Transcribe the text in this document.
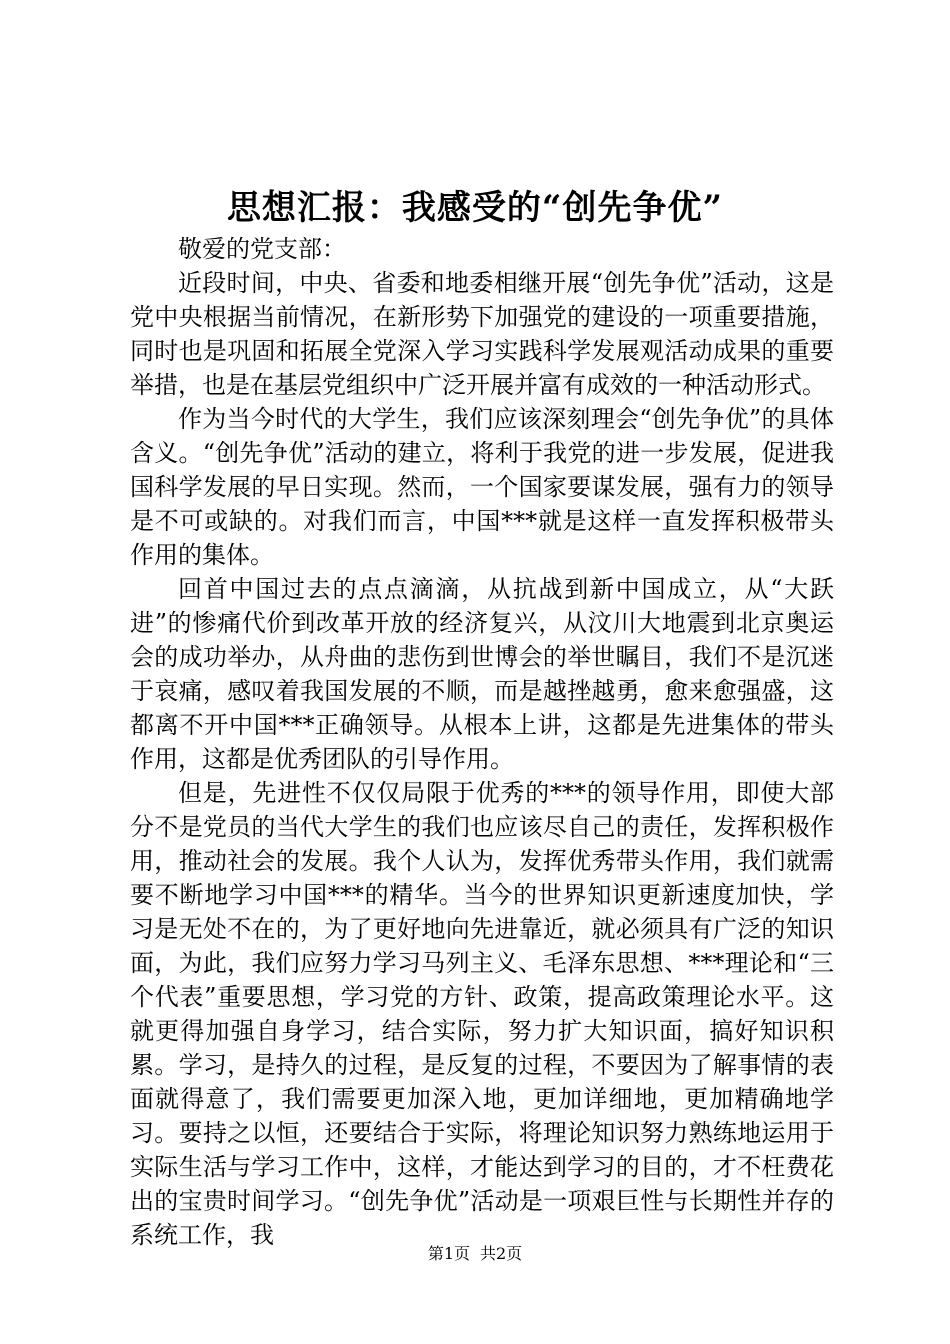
思想汇报：我感受的“创先争优”

敬爱的党支部：

近段时间，中央、省委和地委相继开展“创先争优”活动，这是党中央根据当前情况，在新形势下加强党的建设的一项重要措施，同时也是巩固和拓展全党深入学习实践科学发展观活动成果的重要举措，也是在基层党组织中广泛开展并富有成效的一种活动形式。

作为当今时代的大学生，我们应该深刻理会“创先争优”的具体含义。“创先争优”活动的建立，将利于我党的进一步发展，促进我国科学发展的早日实现。然而，一个国家要谋发展，强有力的领导是不可或缺的。对我们而言，中国***就是这样一直发挥积极带头作用的集体。

回首中国过去的点点滴滴，从抗战到新中国成立，从“大跃进”的惨痛代价到改革开放的经济复兴，从汶川大地震到北京奥运会的成功举办，从舟曲的悲伤到世博会的举世瞩目，我们不是沉迷于哀痛，感叹着我国发展的不顺，而是越挫越勇，愈来愈强盛，这都离不开中国***正确领导。从根本上讲，这都是先进集体的带头作用，这都是优秀团队的引导作用。

但是，先进性不仅仅局限于优秀的***的领导作用，即使大部分不是党员的当代大学生的我们也应该尽自己的责任，发挥积极作用，推动社会的发展。我个人认为，发挥优秀带头作用，我们就需要不断地学习中国***的精华。当今的世界知识更新速度加快，学习是无处不在的，为了更好地向先进靠近，就必须具有广泛的知识面，为此，我们应努力学习马列主义、毛泽东思想、***理论和“三个代表”重要思想，学习党的方针、政策，提高政策理论水平。这就更得加强自身学习，结合实际，努力扩大知识面，搞好知识积累。学习，是持久的过程，是反复的过程，不要因为了解事情的表面就得意了，我们需要更加深入地，更加详细地，更加精确地学习。要持之以恒，还要结合于实际，将理论知识努力熟练地运用于实际生活与学习工作中，这样，才能达到学习的目的，才不枉费花出的宝贵时间学习。“创先争优”活动是一项艰巨性与长期性并存的系统工作，我

第1页 共2页
